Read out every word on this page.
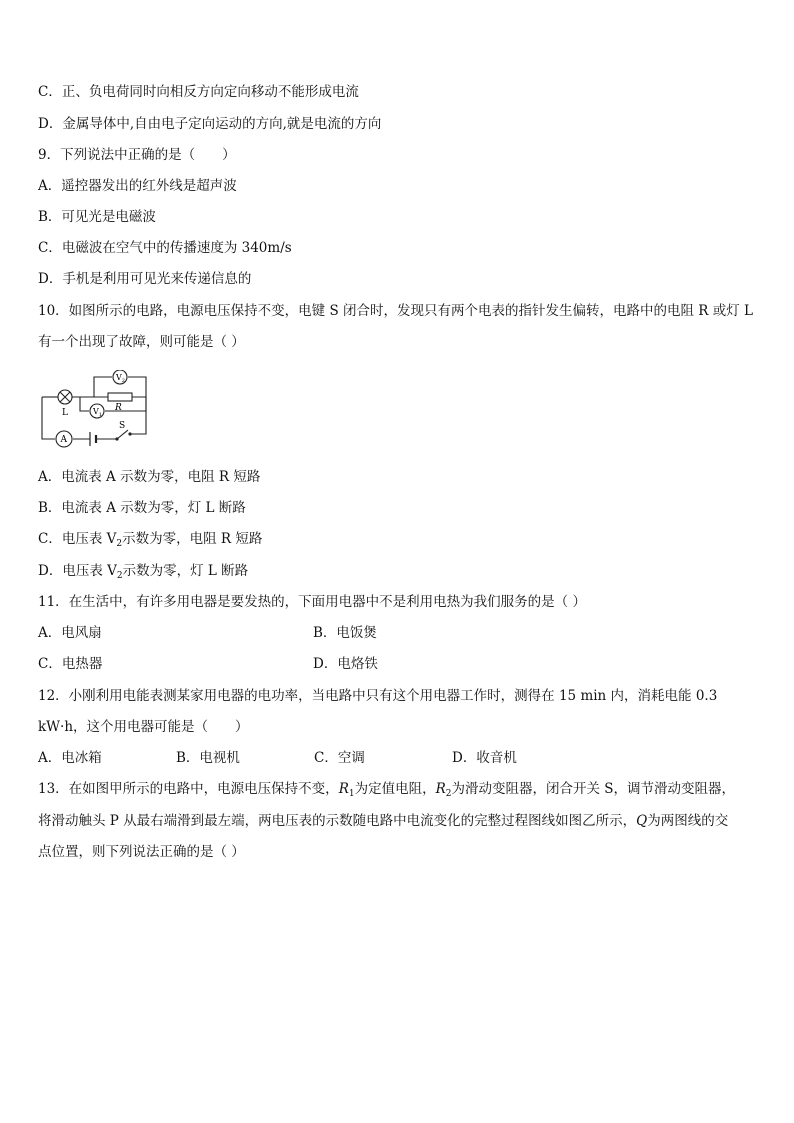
C．正、负电荷同时向相反方向定向移动不能形成电流
D．金属导体中,自由电子定向运动的方向,就是电流的方向
9．下列说法中正确的是（　　）
A．遥控器发出的红外线是超声波
B．可见光是电磁波
C．电磁波在空气中的传播速度为 340m/s
D．手机是利用可见光来传递信息的
10．如图所示的电路，电源电压保持不变，电键 S 闭合时，发现只有两个电表的指针发生偏转，电路中的电阻 R 或灯 L
有一个出现了故障，则可能是（ ）
R
L
$V_2$
$V_1$
A
S
A．电流表 A 示数为零，电阻 R 短路
B．电流表 A 示数为零，灯 L 断路
C．电压表 $V_2$示数为零，电阻 R 短路
D．电压表 $V_2$示数为零，灯 L 断路
11．在生活中，有许多用电器是要发热的，下面用电器中不是利用电热为我们服务的是（ ）
A．电风扇	B．电饭煲
C．电热器	D．电烙铁
12．小刚利用电能表测某家用电器的电功率，当电路中只有这个用电器工作时，测得在 15 min 内，消耗电能 0.3
kW·h，这个用电器可能是（　　）
A．电冰箱	B．电视机	C．空调	D．收音机
13．在如图甲所示的电路中，电源电压保持不变，$R_1$为定值电阻，$R_2$为滑动变阻器，闭合开关 S，调节滑动变阻器，
将滑动触头 P 从最右端滑到最左端，两电压表的示数随电路中电流变化的完整过程图线如图乙所示，Q为两图线的交
点位置，则下列说法正确的是（ ）
